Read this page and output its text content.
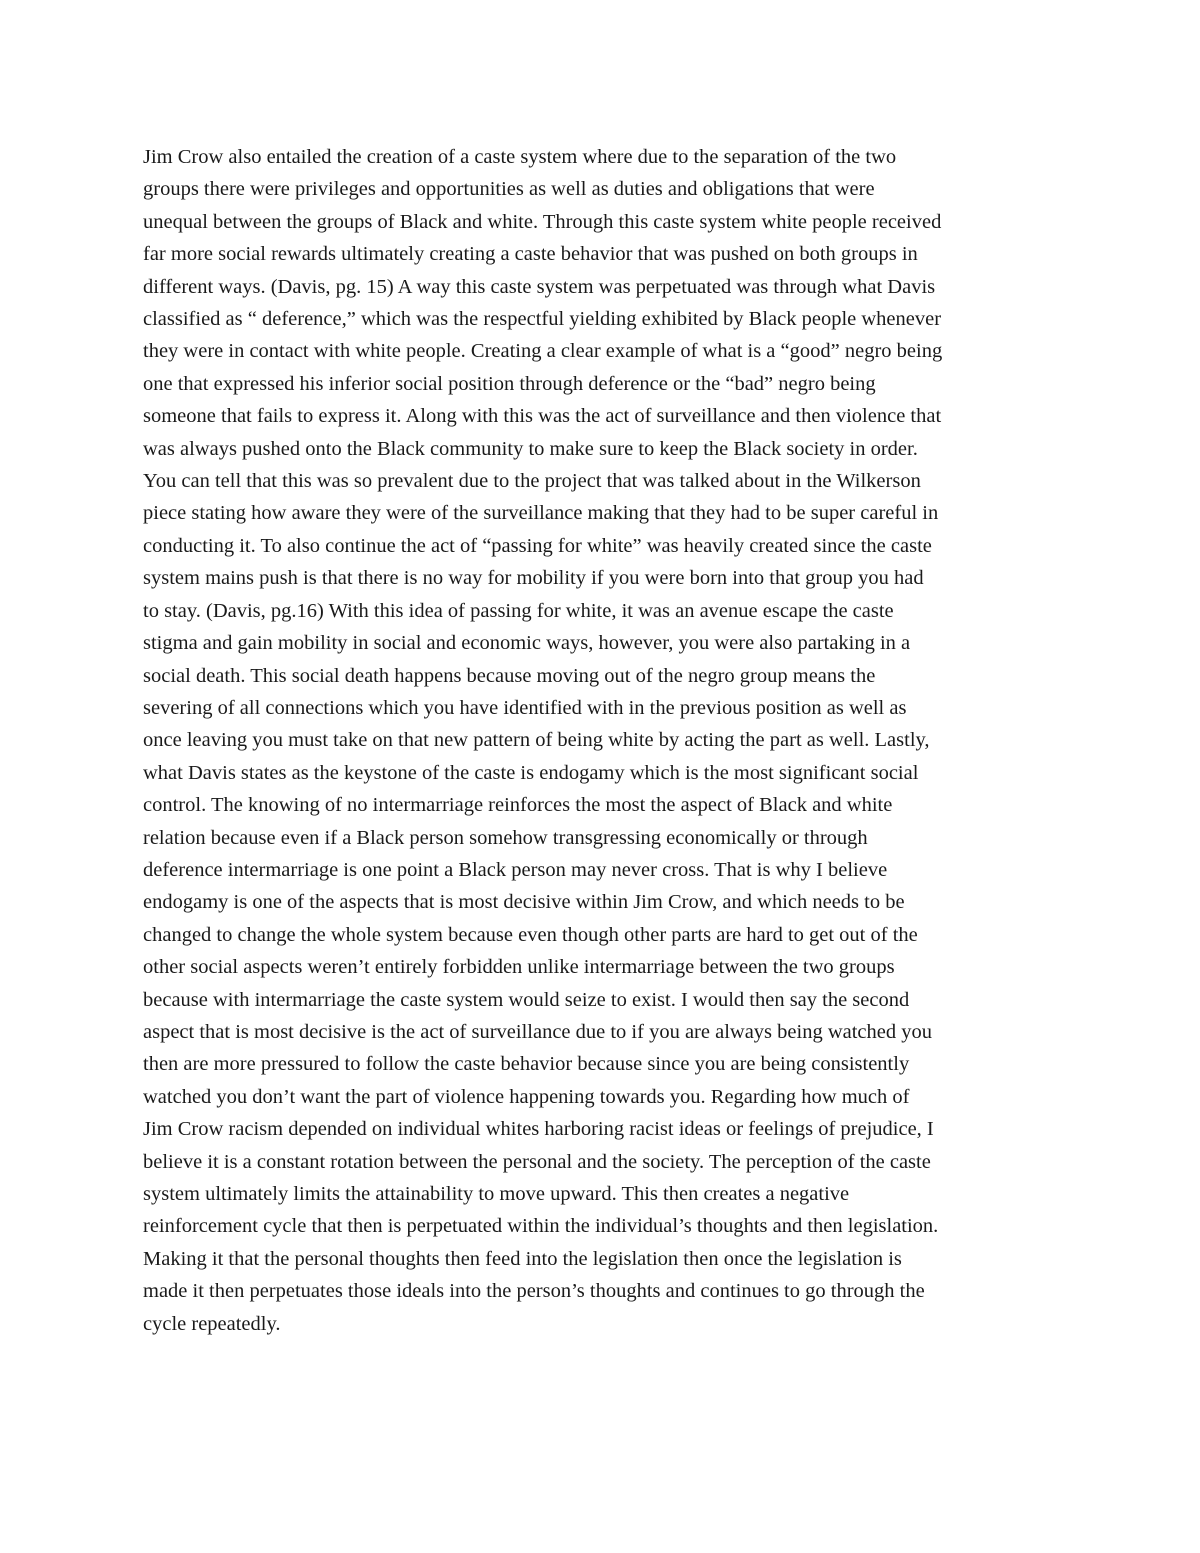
Jim Crow also entailed the creation of a caste system where due to the separation of the two
groups there were privileges and opportunities as well as duties and obligations that were
unequal between the groups of Black and white. Through this caste system white people received
far more social rewards ultimately creating a caste behavior that was pushed on both groups in
different ways. (Davis, pg. 15) A way this caste system was perpetuated was through what Davis
classified as “ deference,” which was the respectful yielding exhibited by Black people whenever
they were in contact with white people. Creating a clear example of what is a “good” negro being
one that expressed his inferior social position through deference or the “bad” negro being
someone that fails to express it. Along with this was the act of surveillance and then violence that
was always pushed onto the Black community to make sure to keep the Black society in order.
You can tell that this was so prevalent due to the project that was talked about in the Wilkerson
piece stating how aware they were of the surveillance making that they had to be super careful in
conducting it. To also continue the act of “passing for white” was heavily created since the caste
system mains push is that there is no way for mobility if you were born into that group you had
to stay. (Davis, pg.16) With this idea of passing for white, it was an avenue escape the caste
stigma and gain mobility in social and economic ways, however, you were also partaking in a
social death. This social death happens because moving out of the negro group means the
severing of all connections which you have identified with in the previous position as well as
once leaving you must take on that new pattern of being white by acting the part as well. Lastly,
what Davis states as the keystone of the caste is endogamy which is the most significant social
control. The knowing of no intermarriage reinforces the most the aspect of Black and white
relation because even if a Black person somehow transgressing economically or through
deference intermarriage is one point a Black person may never cross. That is why I believe
endogamy is one of the aspects that is most decisive within Jim Crow, and which needs to be
changed to change the whole system because even though other parts are hard to get out of the
other social aspects weren’t entirely forbidden unlike intermarriage between the two groups
because with intermarriage the caste system would seize to exist. I would then say the second
aspect that is most decisive is the act of surveillance due to if you are always being watched you
then are more pressured to follow the caste behavior because since you are being consistently
watched you don’t want the part of violence happening towards you. Regarding how much of
Jim Crow racism depended on individual whites harboring racist ideas or feelings of prejudice, I
believe it is a constant rotation between the personal and the society. The perception of the caste
system ultimately limits the attainability to move upward. This then creates a negative
reinforcement cycle that then is perpetuated within the individual’s thoughts and then legislation.
Making it that the personal thoughts then feed into the legislation then once the legislation is
made it then perpetuates those ideals into the person’s thoughts and continues to go through the
cycle repeatedly.
